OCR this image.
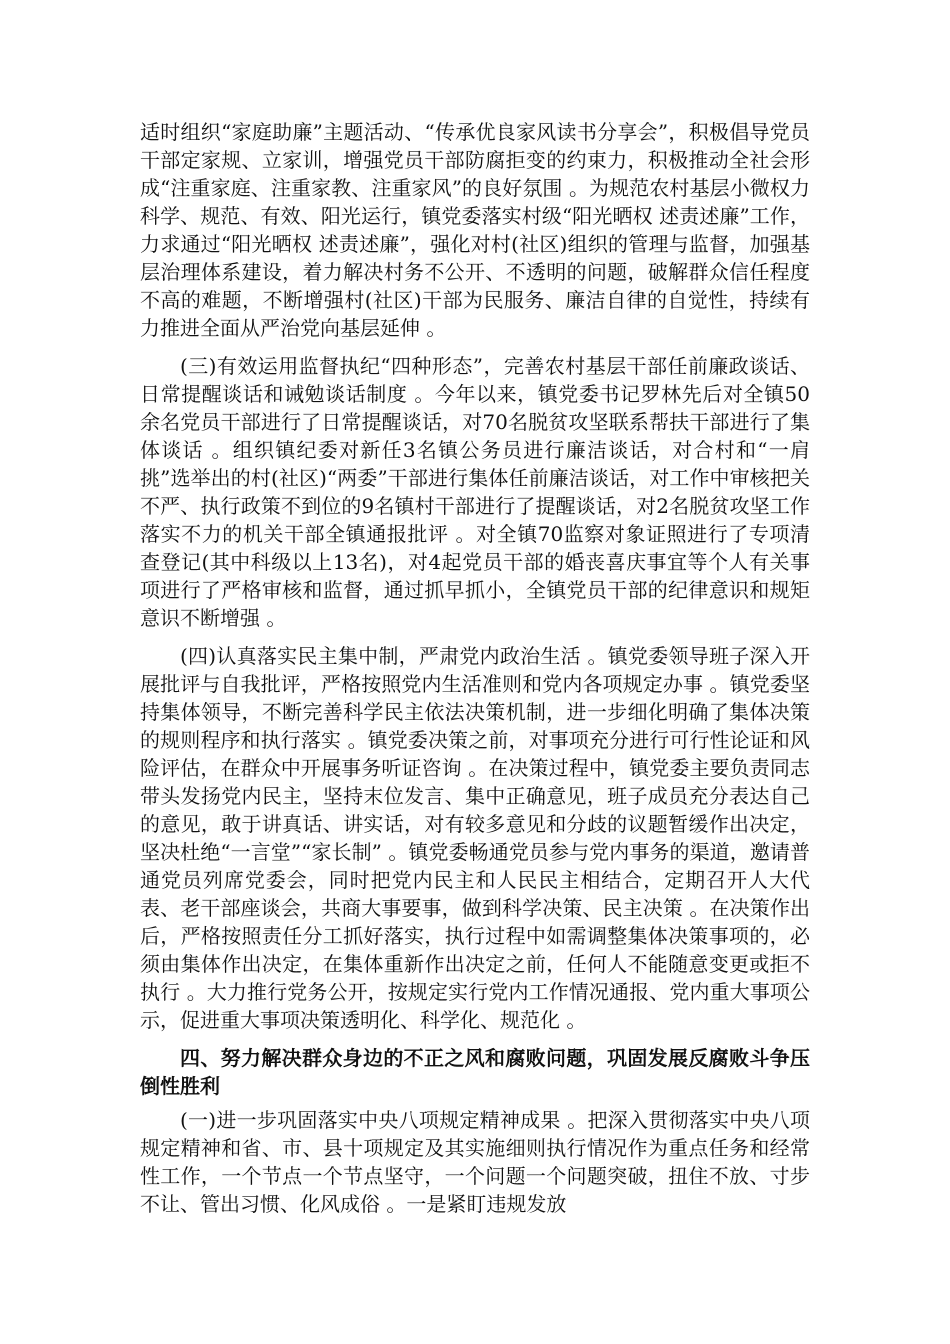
适时组织“家庭助廉”主题活动、“传承优良家风读书分享会”，积极倡导党员干部定家规、立家训，增强党员干部防腐拒变的约束力，积极推动全社会形成“注重家庭、注重家教、注重家风”的良好氛围 。为规范农村基层小微权力科学、规范、有效、阳光运行，镇党委落实村级“阳光晒权 述责述廉”工作，力求通过“阳光晒权 述责述廉”，强化对村(社区)组织的管理与监督，加强基层治理体系建设，着力解决村务不公开、不透明的问题，破解群众信任程度不高的难题，不断增强村(社区)干部为民服务、廉洁自律的自觉性，持续有力推进全面从严治党向基层延伸 。

(三)有效运用监督执纪“四种形态”，完善农村基层干部任前廉政谈话、日常提醒谈话和诫勉谈话制度 。今年以来，镇党委书记罗林先后对全镇50余名党员干部进行了日常提醒谈话，对70名脱贫攻坚联系帮扶干部进行了集体谈话 。组织镇纪委对新任3名镇公务员进行廉洁谈话，对合村和“一肩挑”选举出的村(社区)“两委”干部进行集体任前廉洁谈话，对工作中审核把关不严、执行政策不到位的9名镇村干部进行了提醒谈话，对2名脱贫攻坚工作落实不力的机关干部全镇通报批评 。对全镇70监察对象证照进行了专项清查登记(其中科级以上13名)，对4起党员干部的婚丧喜庆事宜等个人有关事项进行了严格审核和监督，通过抓早抓小，全镇党员干部的纪律意识和规矩意识不断增强 。

(四)认真落实民主集中制，严肃党内政治生活 。镇党委领导班子深入开展批评与自我批评，严格按照党内生活准则和党内各项规定办事 。镇党委坚持集体领导，不断完善科学民主依法决策机制，进一步细化明确了集体决策的规则程序和执行落实 。镇党委决策之前，对事项充分进行可行性论证和风险评估，在群众中开展事务听证咨询 。在决策过程中，镇党委主要负责同志带头发扬党内民主，坚持末位发言、集中正确意见，班子成员充分表达自己的意见，敢于讲真话、讲实话，对有较多意见和分歧的议题暂缓作出决定，坚决杜绝“一言堂”“家长制” 。镇党委畅通党员参与党内事务的渠道，邀请普通党员列席党委会，同时把党内民主和人民民主相结合，定期召开人大代表、老干部座谈会，共商大事要事，做到科学决策、民主决策 。在决策作出后，严格按照责任分工抓好落实，执行过程中如需调整集体决策事项的，必须由集体作出决定，在集体重新作出决定之前，任何人不能随意变更或拒不执行 。大力推行党务公开，按规定实行党内工作情况通报、党内重大事项公示，促进重大事项决策透明化、科学化、规范化 。

四、努力解决群众身边的不正之风和腐败问题，巩固发展反腐败斗争压倒性胜利

(一)进一步巩固落实中央八项规定精神成果 。把深入贯彻落实中央八项规定精神和省、市、县十项规定及其实施细则执行情况作为重点任务和经常性工作，一个节点一个节点坚守，一个问题一个问题突破，扭住不放、寸步不让、管出习惯、化风成俗 。一是紧盯违规发放
